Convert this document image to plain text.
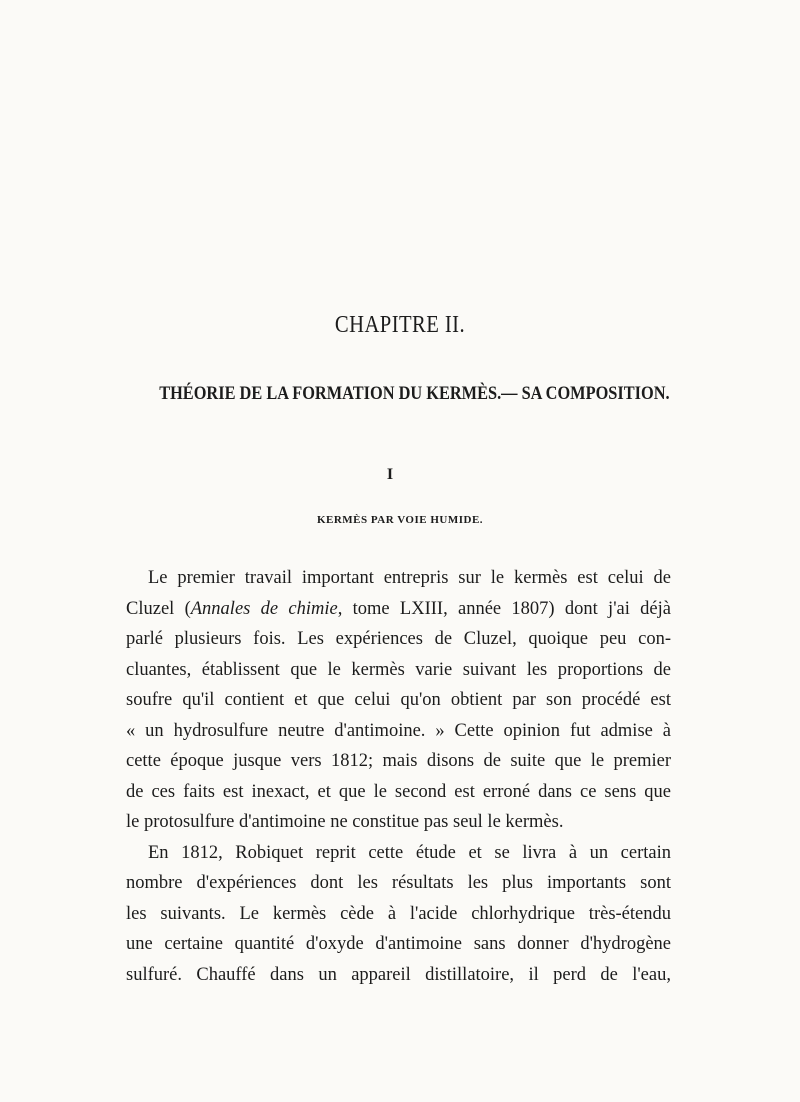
CHAPITRE II.
THÉORIE DE LA FORMATION DU KERMÈS.— SA COMPOSITION.
I
KERMÈS PAR VOIE HUMIDE.
Le premier travail important entrepris sur le kermès est celui de
Cluzel (Annales de chimie, tome LXIII, année 1807) dont j'ai déjà
parlé plusieurs fois. Les expériences de Cluzel, quoique peu con-
cluantes, établissent que le kermès varie suivant les proportions de
soufre qu'il contient et que celui qu'on obtient par son procédé est
« un hydrosulfure neutre d'antimoine. » Cette opinion fut admise à
cette époque jusque vers 1812; mais disons de suite que le premier
de ces faits est inexact, et que le second est erroné dans ce sens que
le protosulfure d'antimoine ne constitue pas seul le kermès.
En 1812, Robiquet reprit cette étude et se livra à un certain
nombre d'expériences dont les résultats les plus importants sont
les suivants. Le kermès cède à l'acide chlorhydrique très-étendu
une certaine quantité d'oxyde d'antimoine sans donner d'hydrogène
sulfuré. Chauffé dans un appareil distillatoire, il perd de l'eau,
